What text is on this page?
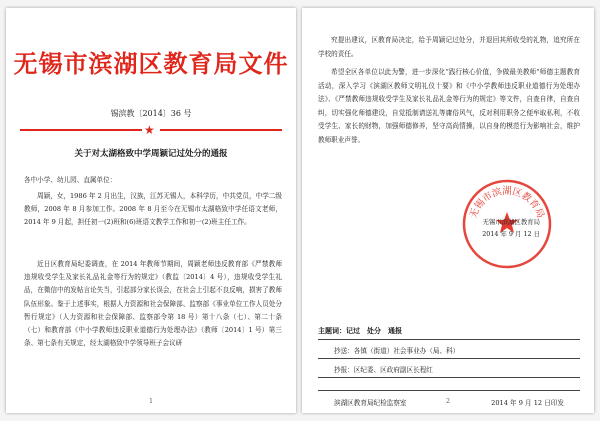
无锡市滨湖区教育局文件
锡滨教〔2014〕36 号
★
关于对太湖格致中学周颖记过处分的通报

各中小学、幼儿园、直属单位：

周颖，女，1986 年 2 月出生，汉族，江苏无锡人，本科学历，中共党员，中学二级教师，2008 年 8 月参加工作。2008 年 8 月至今在无锡市太湖格致中学任语文老师，2014 年 9 月起，担任初一(2)班和(6)班语文教学工作和初一(2)班主任工作。

近日区教育局纪委调查，在 2014 年教师节期间，周颖老师违反教育部《严禁教师违规收受学生及家长礼品礼金等行为的规定》（教监〔2014〕4 号），违规收受学生礼品，在微信中的发帖言论失当，引起部分家长误会，在社会上引起不良反响，损害了教师队伍形象。鉴于上述事实，根据人力资源和社会保障部、监察部《事业单位工作人员处分暂行规定》（人力资源和社会保障部、监察部令第 18 号）第十八条（七）、第二十条（七）和教育部《中小学教师违反职业道德行为处理办法》（教师〔2014〕1 号）第三条、第七条有关规定，经太湖格致中学领导班子会议研

1

究提出建议，区教育局决定，给予周颖记过处分，并退回其所收受的礼物，追究所在学校的责任。

希望全区各单位以此为警，进一步深化“践行核心价值，争做最美教师”师德主题教育活动，深入学习《滨湖区教师文明礼仪十要》和《中小学教师违反职业道德行为处理办法》、《严禁教师违规收受学生及家长礼品礼金等行为的规定》等文件，自查自律，自查自纠，切实强化师德建设，自觉抵制请送礼等庸俗风气，反对利用职务之便牟取私利，不收受学生、家长的财物，加强师德修养，坚守高尚情操，以自身的模范行为影响社会，维护教师职业声誉。

无锡市滨湖区教育局
无锡市滨湖区教育局
2014 年 9 月 12 日
主题词：记过　处分　通报
抄送：各镇（街道）社会事业办（局、科）
抄报：区纪委、区政府副区长程红
滨湖区教育局纪检监察室	2014 年 9 月 12 日印发
2
